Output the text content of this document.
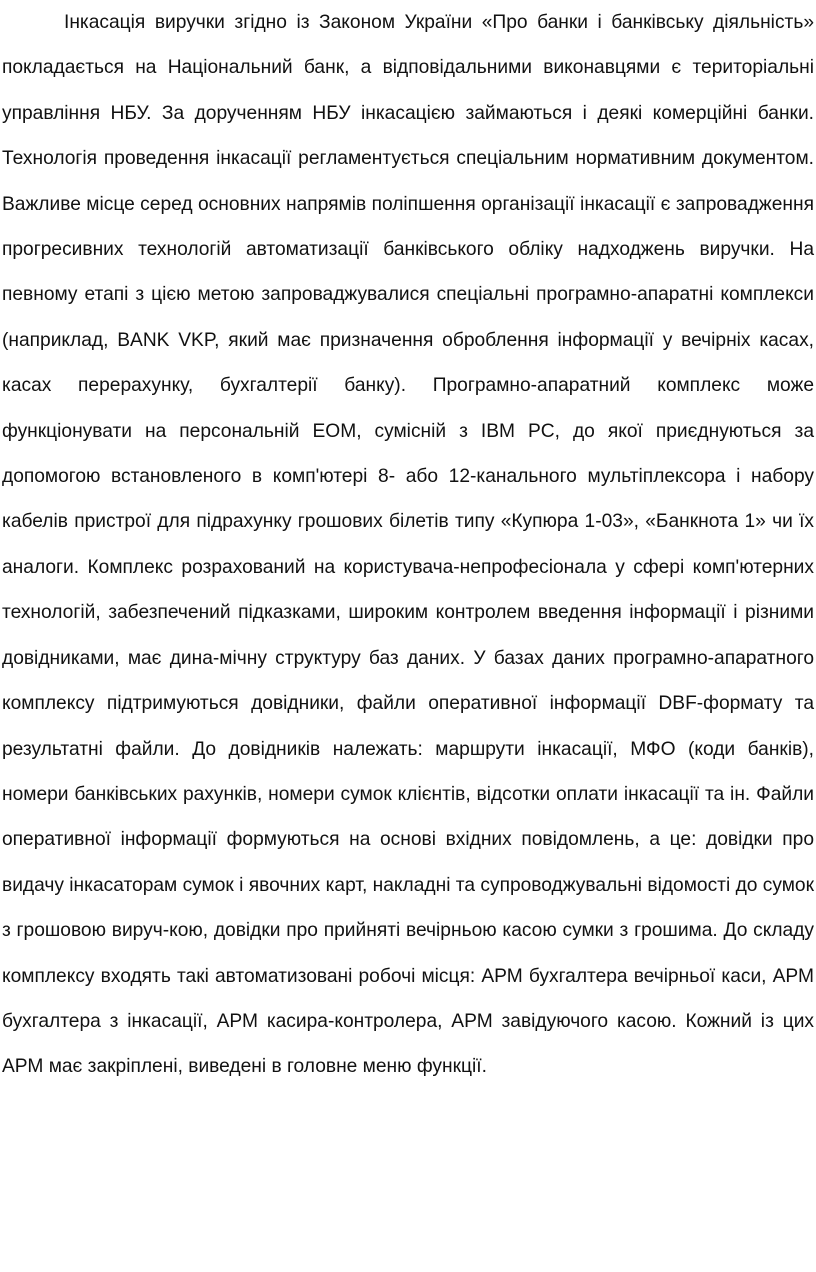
Інкасація виручки згідно із Законом України «Про банки і банківську діяльність» покладається на Національний банк, а відповідальними виконавцями є територіальні управління НБУ. За дорученням НБУ інкасацією займаються і деякі комерційні банки. Технологія проведення інкасації регламентується спеціальним нормативним документом. Важливе місце серед основних напрямів поліпшення організації інкасації є запровадження прогресивних технологій автоматизації банківського обліку надходжень виручки. На певному етапі з цією метою запроваджувалися спеціальні програмно-апаратні комплекси (наприклад, BANK VKP, який має призначення оброблення інформації у вечірніх касах, касах перерахунку, бухгалтерії банку). Програмно-апаратний комплекс може функціонувати на персональній ЕОМ, сумісній з IBM PC, до якої приєднуються за допомогою встановленого в комп'ютері 8- або 12-канального мультіплексора і набору кабелів пристрої для підрахунку грошових білетів типу «Купюра 1-03», «Банкнота 1» чи їх аналоги. Комплекс розрахований на користувача-непрофесіонала у сфері комп'ютерних технологій, забезпечений підказками, широким контролем введення інформації і різними довідниками, має дина-мічну структуру баз даних. У базах даних програмно-апаратного комплексу підтримуються довідники, файли оперативної інформації DBF-формату та результатні файли. До довідників належать: маршрути інкасації, МФО (коди банків), номери банківських рахунків, номери сумок клієнтів, відсотки оплати інкасації та ін. Файли оперативної інформації формуються на основі вхідних повідомлень, а це: довідки про видачу інкасаторам сумок і явочних карт, накладні та супроводжувальні відомості до сумок з грошовою вируч-кою, довідки про прийняті вечірньою касою сумки з грошима. До складу комплексу входять такі автоматизовані робочі місця: АРМ бухгалтера вечірньої каси, АРМ бухгалтера з інкасації, АРМ касира-контролера, АРМ завідуючого касою. Кожний із цих АРМ має закріплені, виведені в головне меню функції.
